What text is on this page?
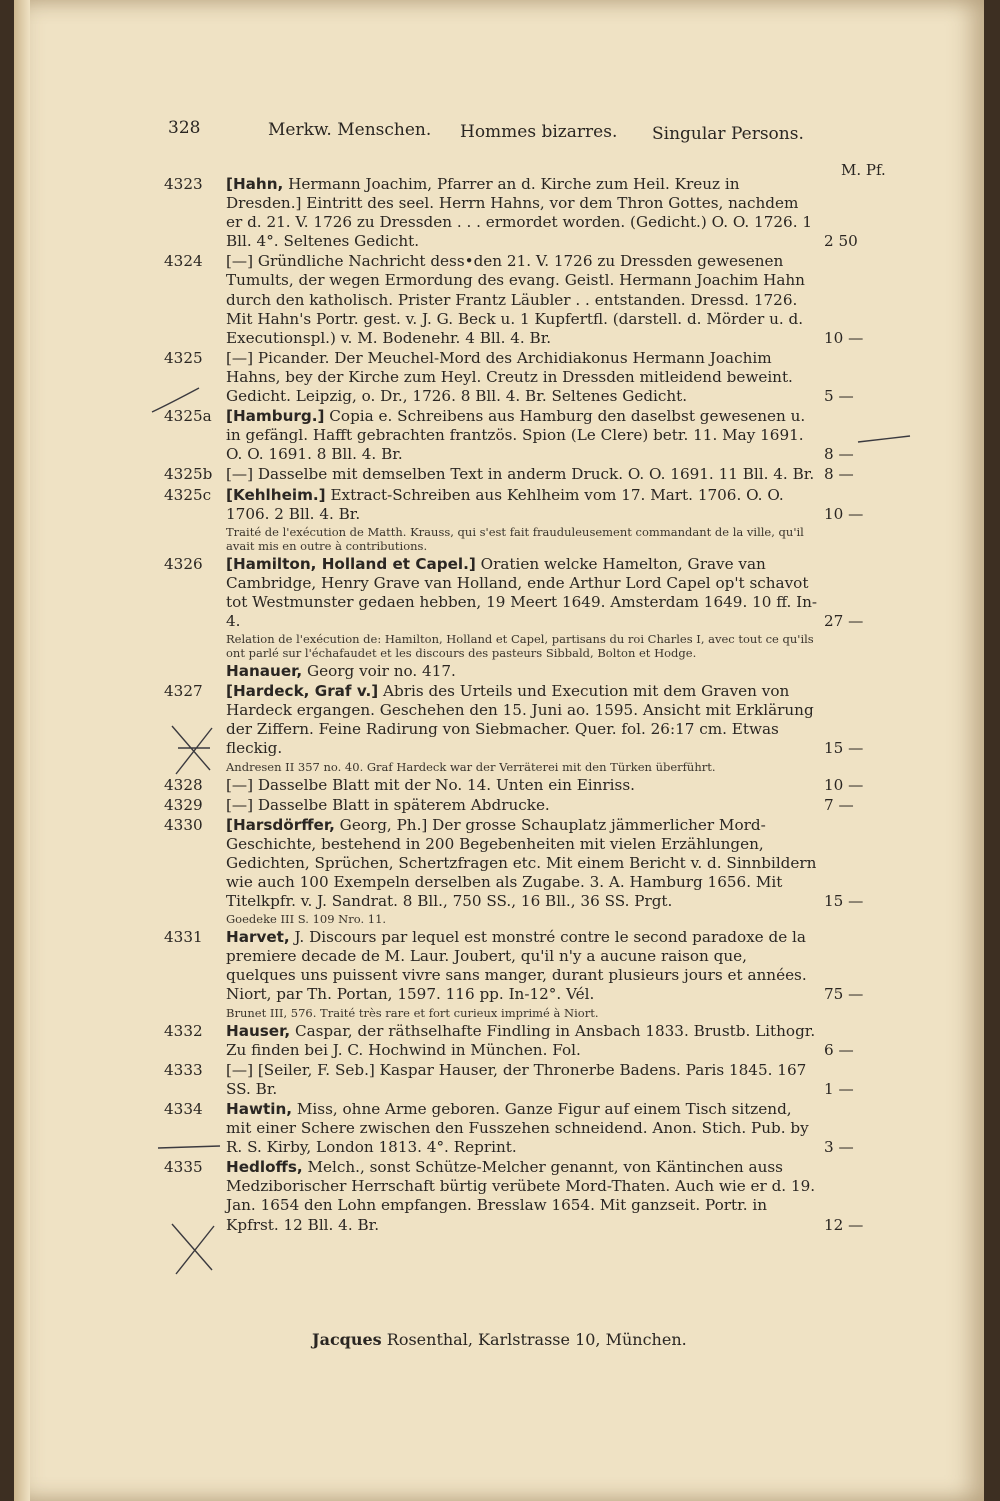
328	Merkw. Menschen. Hommes bizarres. Singular Persons.
M. Pf.
4323	[Hahn, Hermann Joachim, Pfarrer an d. Kirche zum Heil. Kreuz in Dresden.] Eintritt des seel. Herrn Hahns, vor dem Thron Gottes, nachdem er d. 21. V. 1726 zu Dressden . . . ermordet worden. (Gedicht.) O. O. 1726. 1 Bll. 4°. Seltenes Gedicht.	2 50
4324	[—] Gründliche Nachricht dess•den 21. V. 1726 zu Dressden gewesenen Tumults, der wegen Ermordung des evang. Geistl. Hermann Joachim Hahn durch den katholisch. Prister Frantz Läubler . . entstanden. Dressd. 1726. Mit Hahn's Portr. gest. v. J. G. Beck u. 1 Kupfertfl. (darstell. d. Mörder u. d. Executionspl.) v. M. Bodenehr. 4 Bll. 4. Br.	10 —
4325	[—] Picander. Der Meuchel-Mord des Archidiakonus Hermann Joachim Hahns, bey der Kirche zum Heyl. Creutz in Dressden mitleidend beweint. Gedicht. Leipzig, o. Dr., 1726. 8 Bll. 4. Br. Seltenes Gedicht.	5 —
4325a [Hamburg.] Copia e. Schreibens aus Hamburg den daselbst gewesenen u. in gefängl. Hafft gebrachten frantzös. Spion (Le Clere) betr. 11. May 1691. O. O. 1691. 8 Bll. 4. Br.	8 —
4325b [—] Dasselbe mit demselben Text in anderm Druck. O. O. 1691. 11 Bll. 4. Br. 8 —
4325c [Kehlheim.] Extract-Schreiben aus Kehlheim vom 17. Mart. 1706. O. O. 1706. 2 Bll. 4. Br.	10 —
Traité de l'exécution de Matth. Krauss, qui s'est fait frauduleusement commandant de la ville, qu'il avait mis en outre à contributions.
4326	[Hamilton, Holland et Capel.] Oratien welcke Hamelton, Grave van Cambridge, Henry Grave van Holland, ende Arthur Lord Capel op't schavot tot Westmunster gedaen hebben, 19 Meert 1649. Amsterdam 1649. 10 ff. In-4.	27 —
Relation de l'exécution de: Hamilton, Holland et Capel, partisans du roi Charles I, avec tout ce qu'ils ont parlé sur l'échafaudet et les discours des pasteurs Sibbald, Bolton et Hodge.
Hanauer, Georg voir no. 417.
4327	[Hardeck, Graf v.] Abris des Urteils und Execution mit dem Graven von Hardeck ergangen. Geschehen den 15. Juni ao. 1595. Ansicht mit Erklärung der Ziffern. Feine Radirung von Siebmacher. Quer. fol. 26:17 cm. Etwas fleckig.	15 —
Andresen II 357 no. 40. Graf Hardeck war der Verräterei mit den Türken überführt.
4328	[—] Dasselbe Blatt mit der No. 14. Unten ein Einriss.	10 —
4329	[—] Dasselbe Blatt in späterem Abdrucke.	7 —
4330	[Harsdörffer, Georg, Ph.] Der grosse Schauplatz jämmerlicher Mord-Geschichte, bestehend in 200 Begebenheiten mit vielen Erzählungen, Gedichten, Sprüchen, Schertzfragen etc. Mit einem Bericht v. d. Sinnbildern wie auch 100 Exempeln derselben als Zugabe. 3. A. Hamburg 1656. Mit Titelkpfr. v. J. Sandrat. 8 Bll., 750 SS., 16 Bll., 36 SS. Prgt.	15 —
Goedeke III S. 109 Nro. 11.
4331	Harvet, J. Discours par lequel est monstré contre le second paradoxe de la premiere decade de M. Laur. Joubert, qu'il n'y a aucune raison que, quelques uns puissent vivre sans manger, durant plusieurs jours et années. Niort, par Th. Portan, 1597. 116 pp. In-12°. Vél.	75 —
Brunet III, 576. Traité très rare et fort curieux imprimé à Niort.
4332	Hauser, Caspar, der räthselhafte Findling in Ansbach 1833. Brustb. Lithogr. Zu finden bei J. C. Hochwind in München. Fol.	6 —
4333	[—] [Seiler, F. Seb.] Kaspar Hauser, der Thronerbe Badens. Paris 1845. 167 SS. Br.	1 —
4334	Hawtin, Miss, ohne Arme geboren. Ganze Figur auf einem Tisch sitzend, mit einer Schere zwischen den Fusszehen schneidend. Anon. Stich. Pub. by R. S. Kirby, London 1813. 4°. Reprint.	3 —
4335	Hedloffs, Melch., sonst Schütze-Melcher genannt, von Käntinchen auss Medziborischer Herrschaft bürtig verübete Mord-Thaten. Auch wie er d. 19. Jan. 1654 den Lohn empfangen. Bresslaw 1654. Mit ganzseit. Portr. in Kpfrst. 12 Bll. 4. Br.	12 —
Jacques Rosenthal, Karlstrasse 10, München.
